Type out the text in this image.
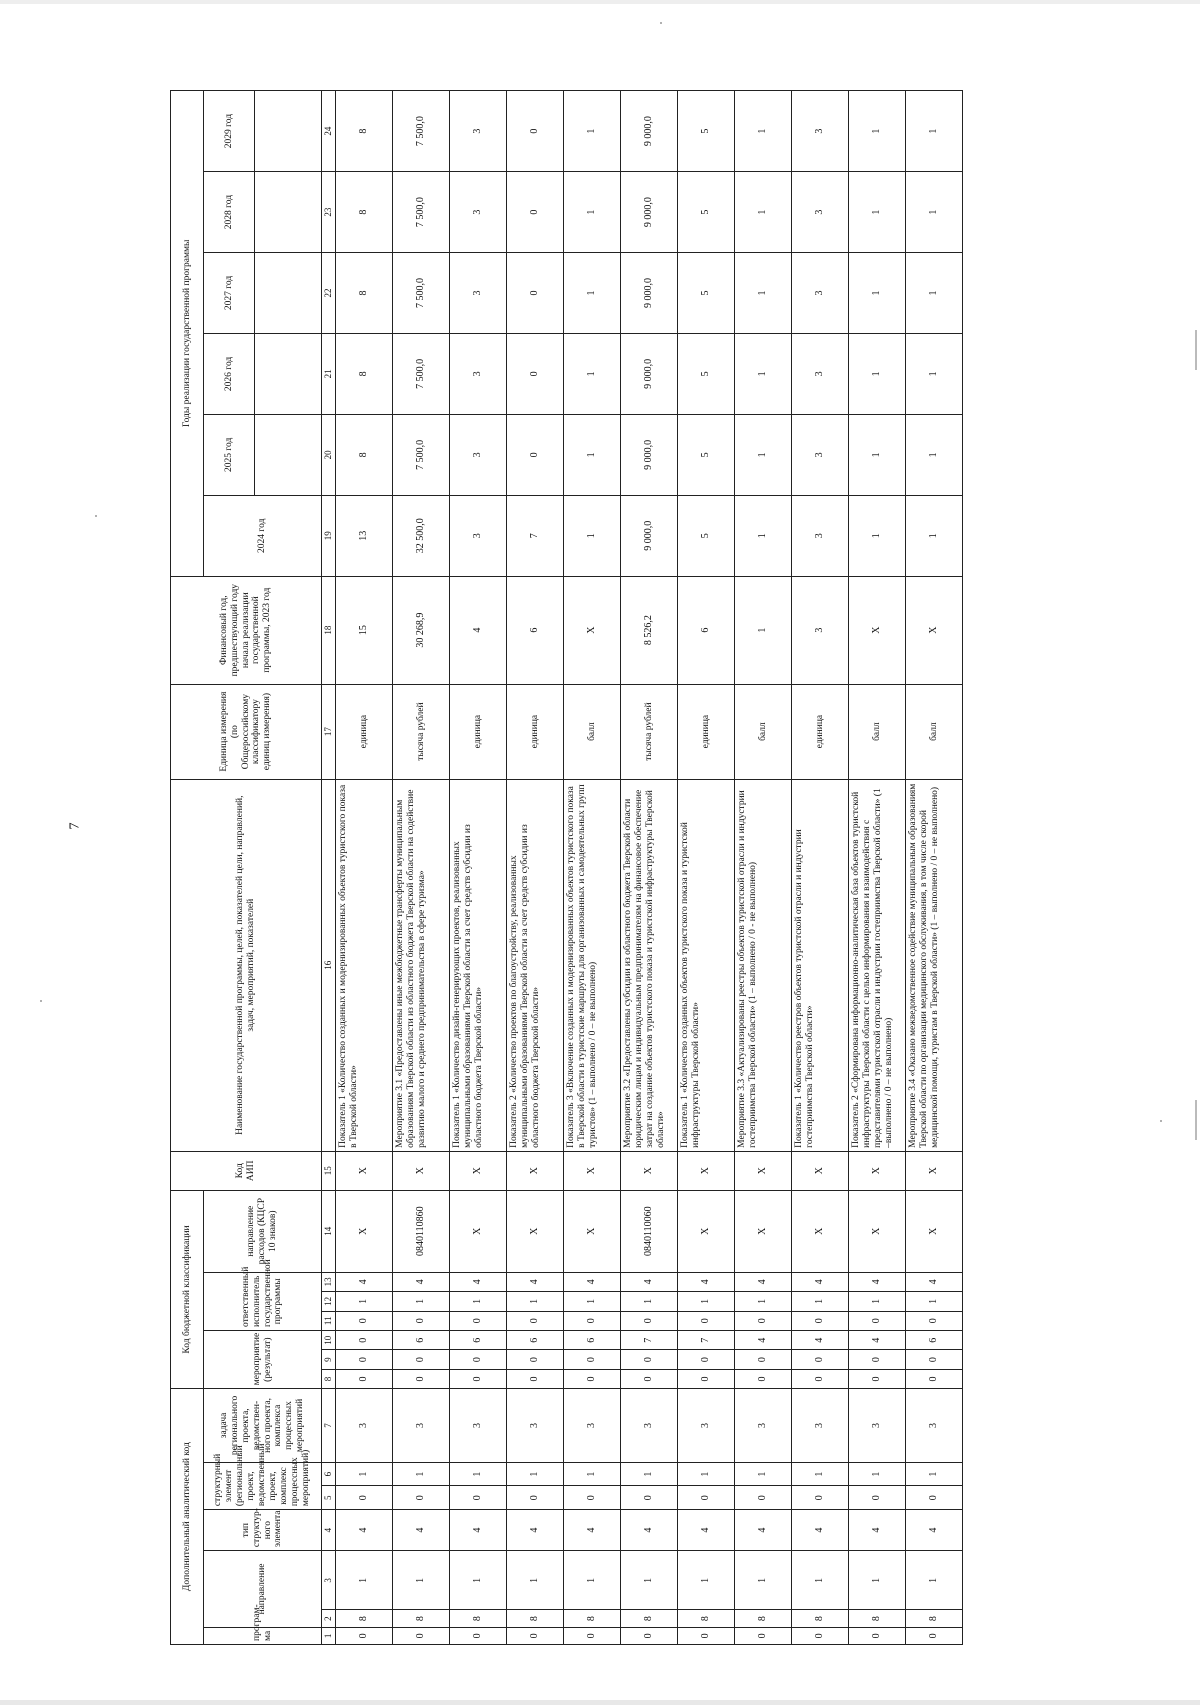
7
Дополнительный аналитический код							Код бюджетной классификации							Код АИП	Наименование государственной программы, целей, показателей цели, направлений, задач, мероприятий, показателей	Единица измерения (по Общероссийскому классификатору единиц измерения)	Финансовый год, предшествующий году начала реализации государственной программы, 2023 год	Годы реализации государственной программы					
програм-ма	направление		тип структур-ного элемента	структурный элемент (региональный проект, ведомственный проект, комплекс процессных мероприятий)		задача регионального проекта, ведомствен-ного проекта, комплекса процессных мероприятий	мероприятие (результат)			ответственный исполнитель государственной программы			направление расходов (КЦСР 10 знаков)					2024 год	2025 год	2026 год	2027 год	2028 год	2029 год

1	2	3	4	5	6	7	8	9	10	11	12	13	14	15	16	17	18	19	20	21	22	23	24
0	8	1	4	0	1	3	0	0	0	0	1	4	Х	Х	Показатель 1 «Количество созданных и модернизированных объектов туристского показа в Тверской области»	единица	15	13	8	8	8	8	8
0	8	1	4	0	1	3	0	0	6	0	1	4	0840110860	Х	Мероприятие 3.1 «Предоставлены иные межбюджетные трансферты муниципальным образованиям Тверской области из областного бюджета Тверской области на содействие развитию малого и среднего предпринимательства в сфере туризма»	тысяча рублей	30 268,9	32 500,0	7 500,0	7 500,0	7 500,0	7 500,0	7 500,0
0	8	1	4	0	1	3	0	0	6	0	1	4	Х	Х	Показатель 1 «Количество дизайн-генерирующих проектов, реализованных муниципальными образованиями Тверской области за счет средств субсидии из областного бюджета Тверской области»	единица	4	3	3	3	3	3	3
0	8	1	4	0	1	3	0	0	6	0	1	4	Х	Х	Показатель 2 «Количество проектов по благоустройству, реализованных муниципальными образованиями Тверской области за счет средств субсидии из областного бюджета Тверской области»	единица	6	7	0	0	0	0	0
0	8	1	4	0	1	3	0	0	6	0	1	4	Х	Х	Показатель 3 «Включение созданных и модернизированных объектов туристского показа в Тверской области в туристские маршруты для организованных и самодеятельных групп туристов» (1 – выполнено / 0 – не выполнено)	балл	Х	1	1	1	1	1	1
0	8	1	4	0	1	3	0	0	7	0	1	4	0840110060	Х	Мероприятие 3.2 «Предоставлены субсидии из областного бюджета Тверской области юридическим лицам и индивидуальным предпринимателям на финансовое обеспечение затрат на создание объектов туристского показа и туристской инфраструктуры Тверской области»	тысяча рублей	8 526,2	9 000,0	9 000,0	9 000,0	9 000,0	9 000,0	9 000,0
0	8	1	4	0	1	3	0	0	7	0	1	4	Х	Х	Показатель 1 «Количество созданных объектов туристского показа и туристской инфраструктуры Тверской области»	единица	6	5	5	5	5	5	5
0	8	1	4	0	1	3	0	0	4	0	1	4	Х	Х	Мероприятие 3.3 «Актуализированы реестры объектов туристской отрасли и индустрии гостеприимства Тверской области» (1 – выполнено / 0 - не выполнено)	балл	1	1	1	1	1	1	1
0	8	1	4	0	1	3	0	0	4	0	1	4	Х	Х	Показатель 1 «Количество реестров объектов туристской отрасли и индустрии гостеприимства Тверской области»	единица	3	3	3	3	3	3	3
0	8	1	4	0	1	3	0	0	4	0	1	4	Х	Х	Показатель 2 «Сформирована информационно-аналитическая база объектов туристской инфраструктуры Тверской области с целью информирования и взаимодействия с представителями туристской отрасли и индустрии гостеприимства Тверской области» (1 –выполнено / 0 – не выполнено)	балл	Х	1	1	1	1	1	1
0	8	1	4	0	1	3	0	0	6	0	1	4	Х	Х	Мероприятие 3.4 «Оказано межведомственное содействие муниципальным образованиям Тверской области по организации медицинского обслуживания, в том числе скорой медицинской помощи, туристам в Тверской области» (1 – выполнено / 0 – не выполнено)	балл	Х	1	1	1	1	1	1
